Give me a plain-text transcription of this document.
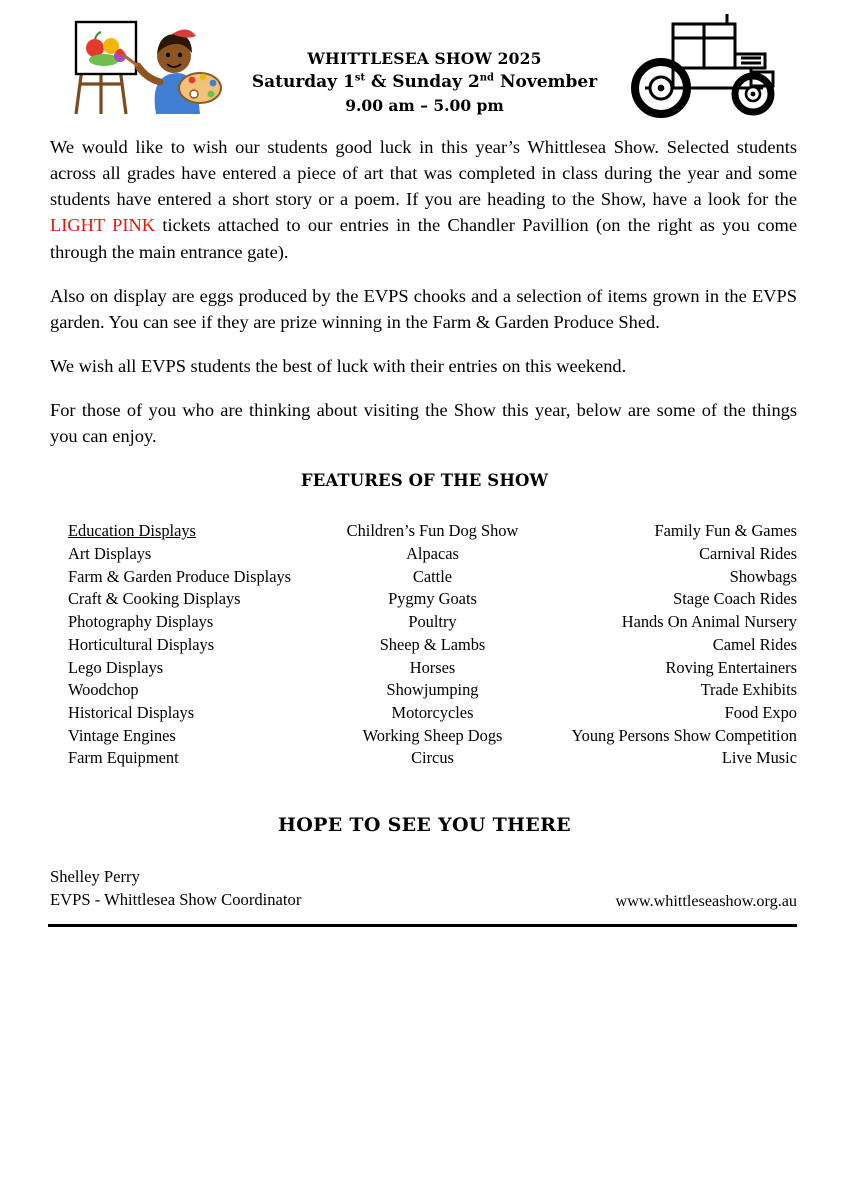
WHITTLESEA SHOW 2025
Saturday 1st & Sunday 2nd November
9.00 am – 5.00 pm

We would like to wish our students good luck in this year’s Whittlesea Show. Selected students across all grades have entered a piece of art that was completed in class during the year and some students have entered a short story or a poem. If you are heading to the Show, have a look for the LIGHT PINK tickets attached to our entries in the Chandler Pavillion (on the right as you come through the main entrance gate).

Also on display are eggs produced by the EVPS chooks and a selection of items grown in the EVPS garden. You can see if they are prize winning in the Farm & Garden Produce Shed.

We wish all EVPS students the best of luck with their entries on this weekend.

For those of you who are thinking about visiting the Show this year, below are some of the things you can enjoy.

FEATURES OF THE SHOW
Education Displays
Art Displays
Farm & Garden Produce Displays
Craft & Cooking Displays
Photography Displays
Horticultural Displays
Lego Displays
Woodchop
Historical Displays
Vintage Engines
Farm Equipment
Children’s Fun Dog Show
Alpacas
Cattle
Pygmy Goats
Poultry
Sheep & Lambs
Horses
Showjumping
Motorcycles
Working Sheep Dogs
Circus
Family Fun & Games
Carnival Rides
Showbags
Stage Coach Rides
Hands On Animal Nursery
Camel Rides
Roving Entertainers
Trade Exhibits
Food Expo
Young Persons Show Competition
Live Music
HOPE TO SEE YOU THERE
Shelley Perry
EVPS - Whittlesea Show Coordinator	www.whittleseashow.org.au
